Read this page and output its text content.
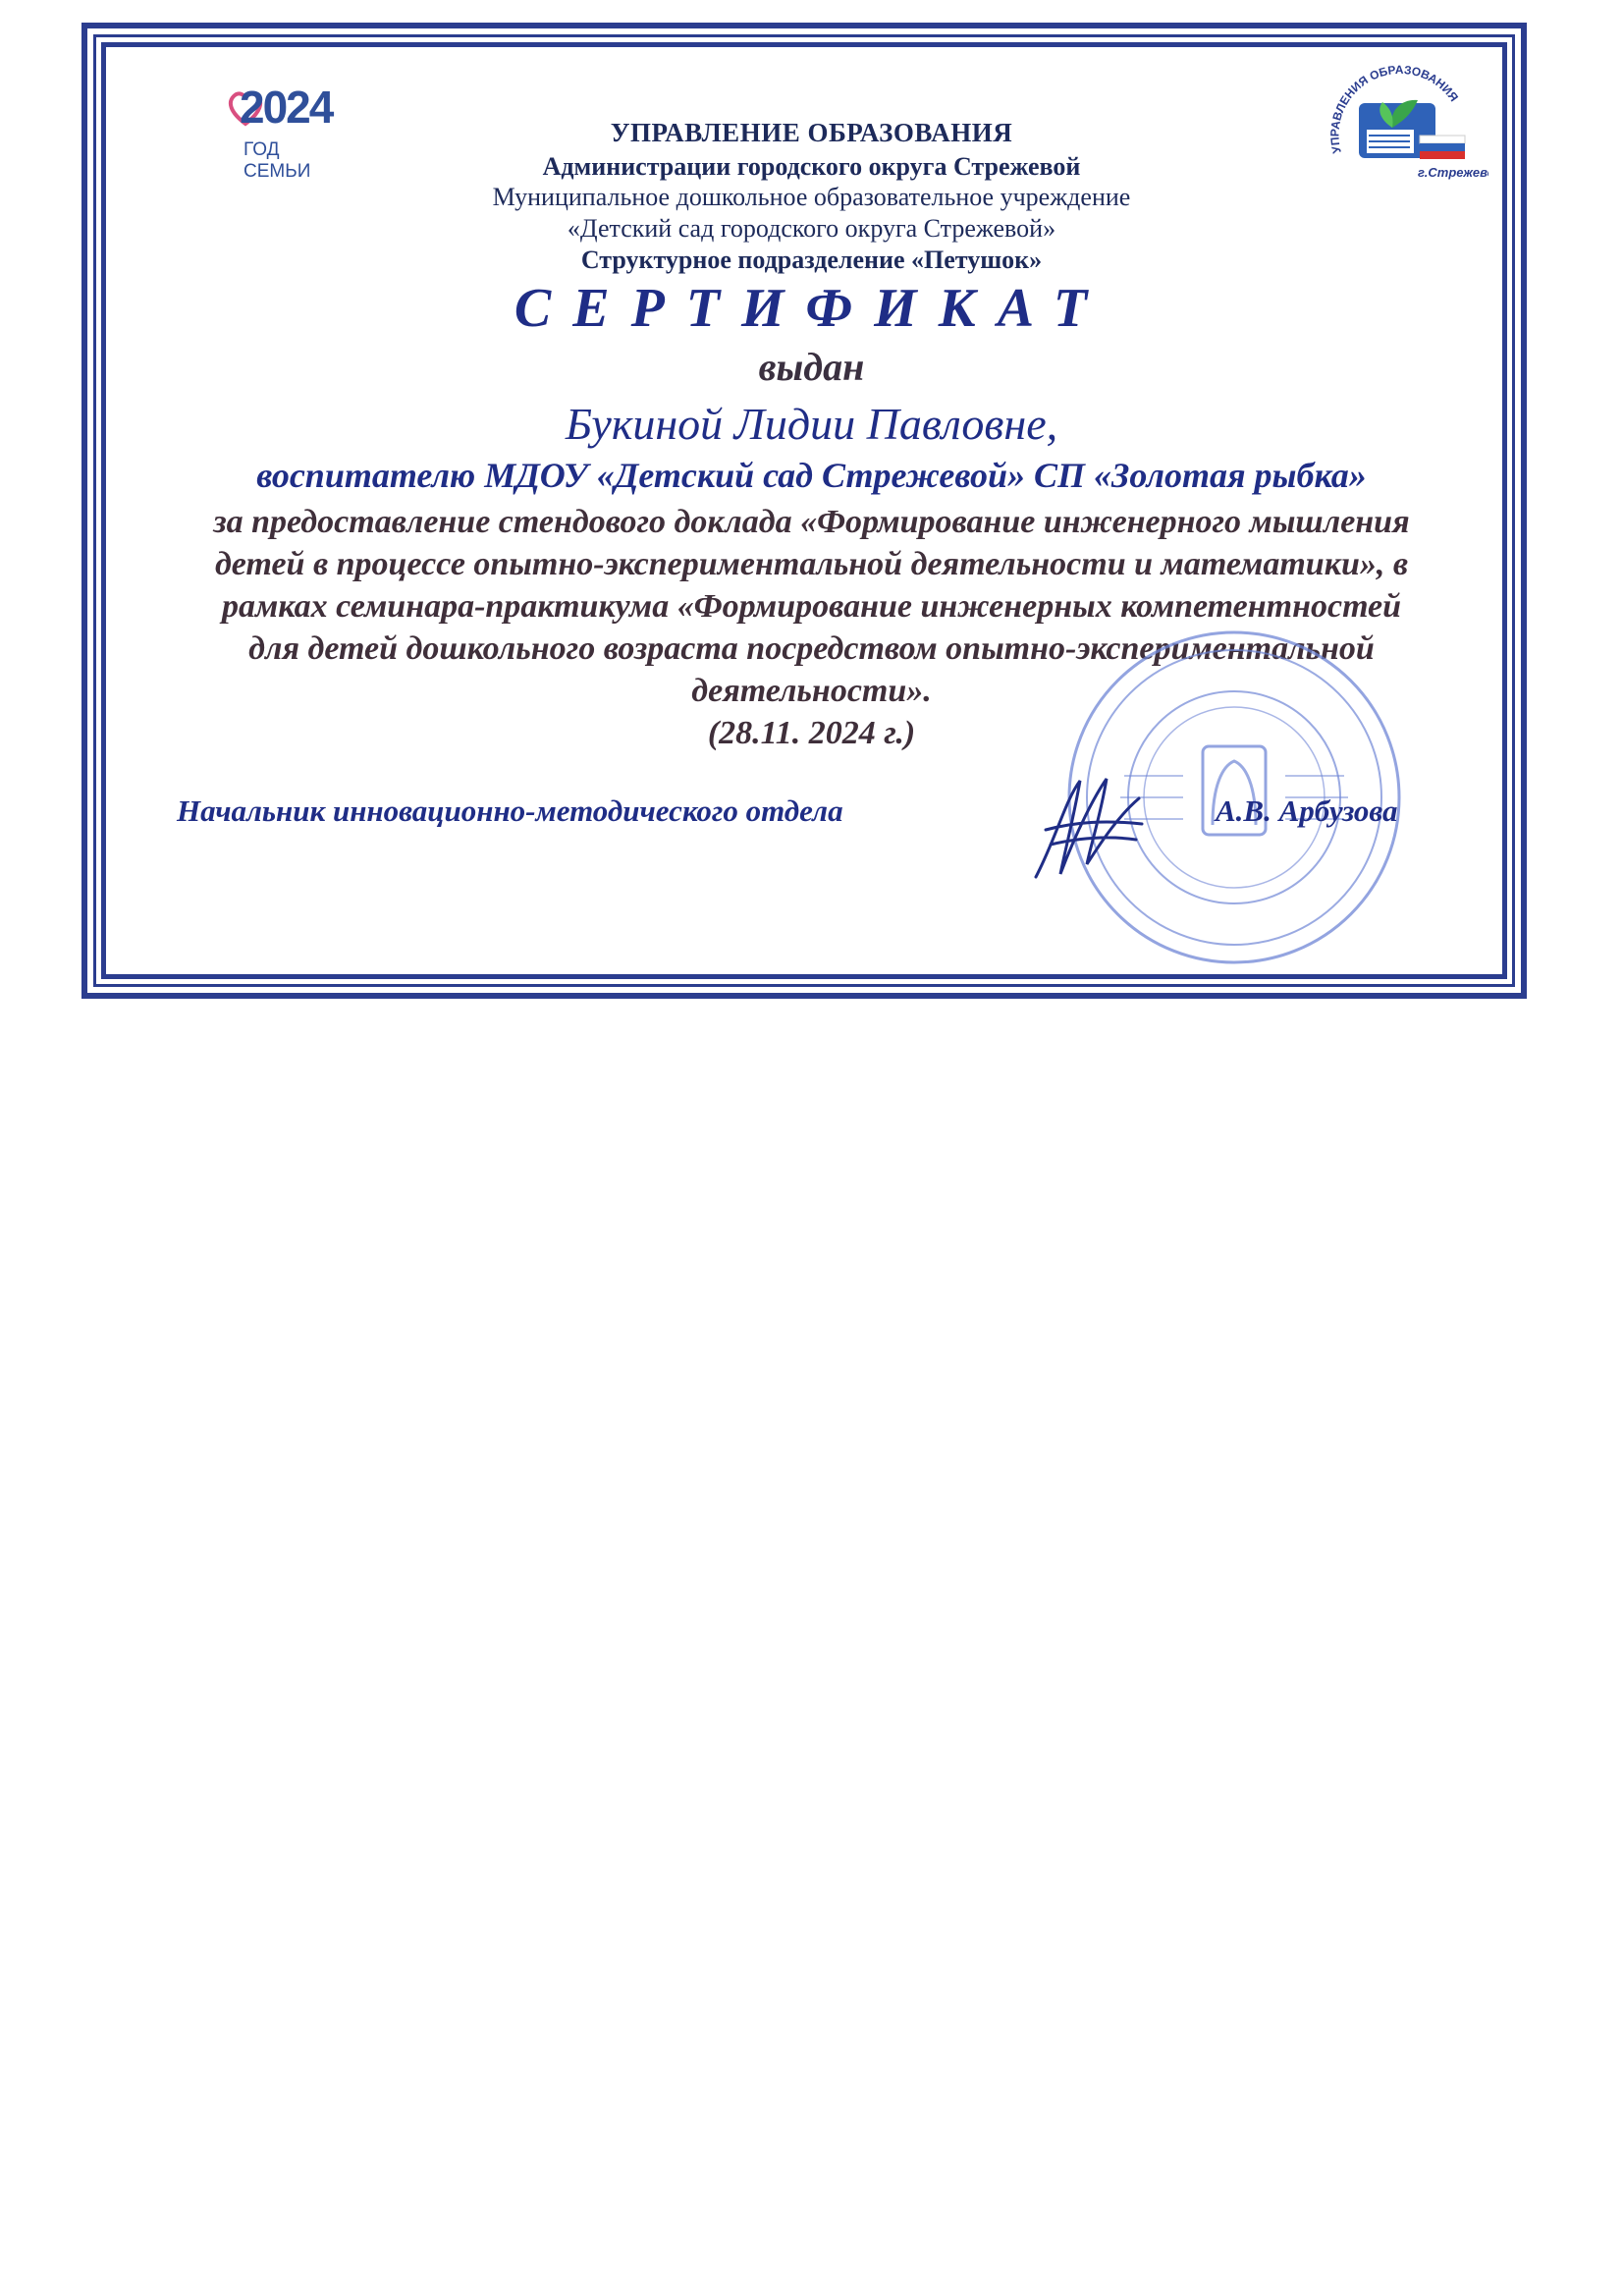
2024
ГОД СЕМЬИ
УПРАВЛЕНИЯ ОБРАЗОВАНИЯ
г.Стрежев
УПРАВЛЕНИЕ ОБРАЗОВАНИЯ
Администрации городского округа Стрежевой
Муниципальное дошкольное образовательное учреждение
«Детский сад городского округа Стрежевой»
Структурное подразделение «Петушок»
СЕРТИФИКАТ
выдан
Букиной Лидии Павловне,
воспитателю МДОУ «Детский сад Стрежевой» СП «Золотая рыбка»
за предоставление стендового доклада «Формирование инженерного мышления
детей в процессе опытно-экспериментальной деятельности и математики», в
рамках семинара-практикума «Формирование инженерных компетентностей
для детей дошкольного возраста посредством опытно-экспериментальной
деятельности».
(28.11. 2024 г.)
Начальник инновационно-методического отдела	А.В. Арбузова
